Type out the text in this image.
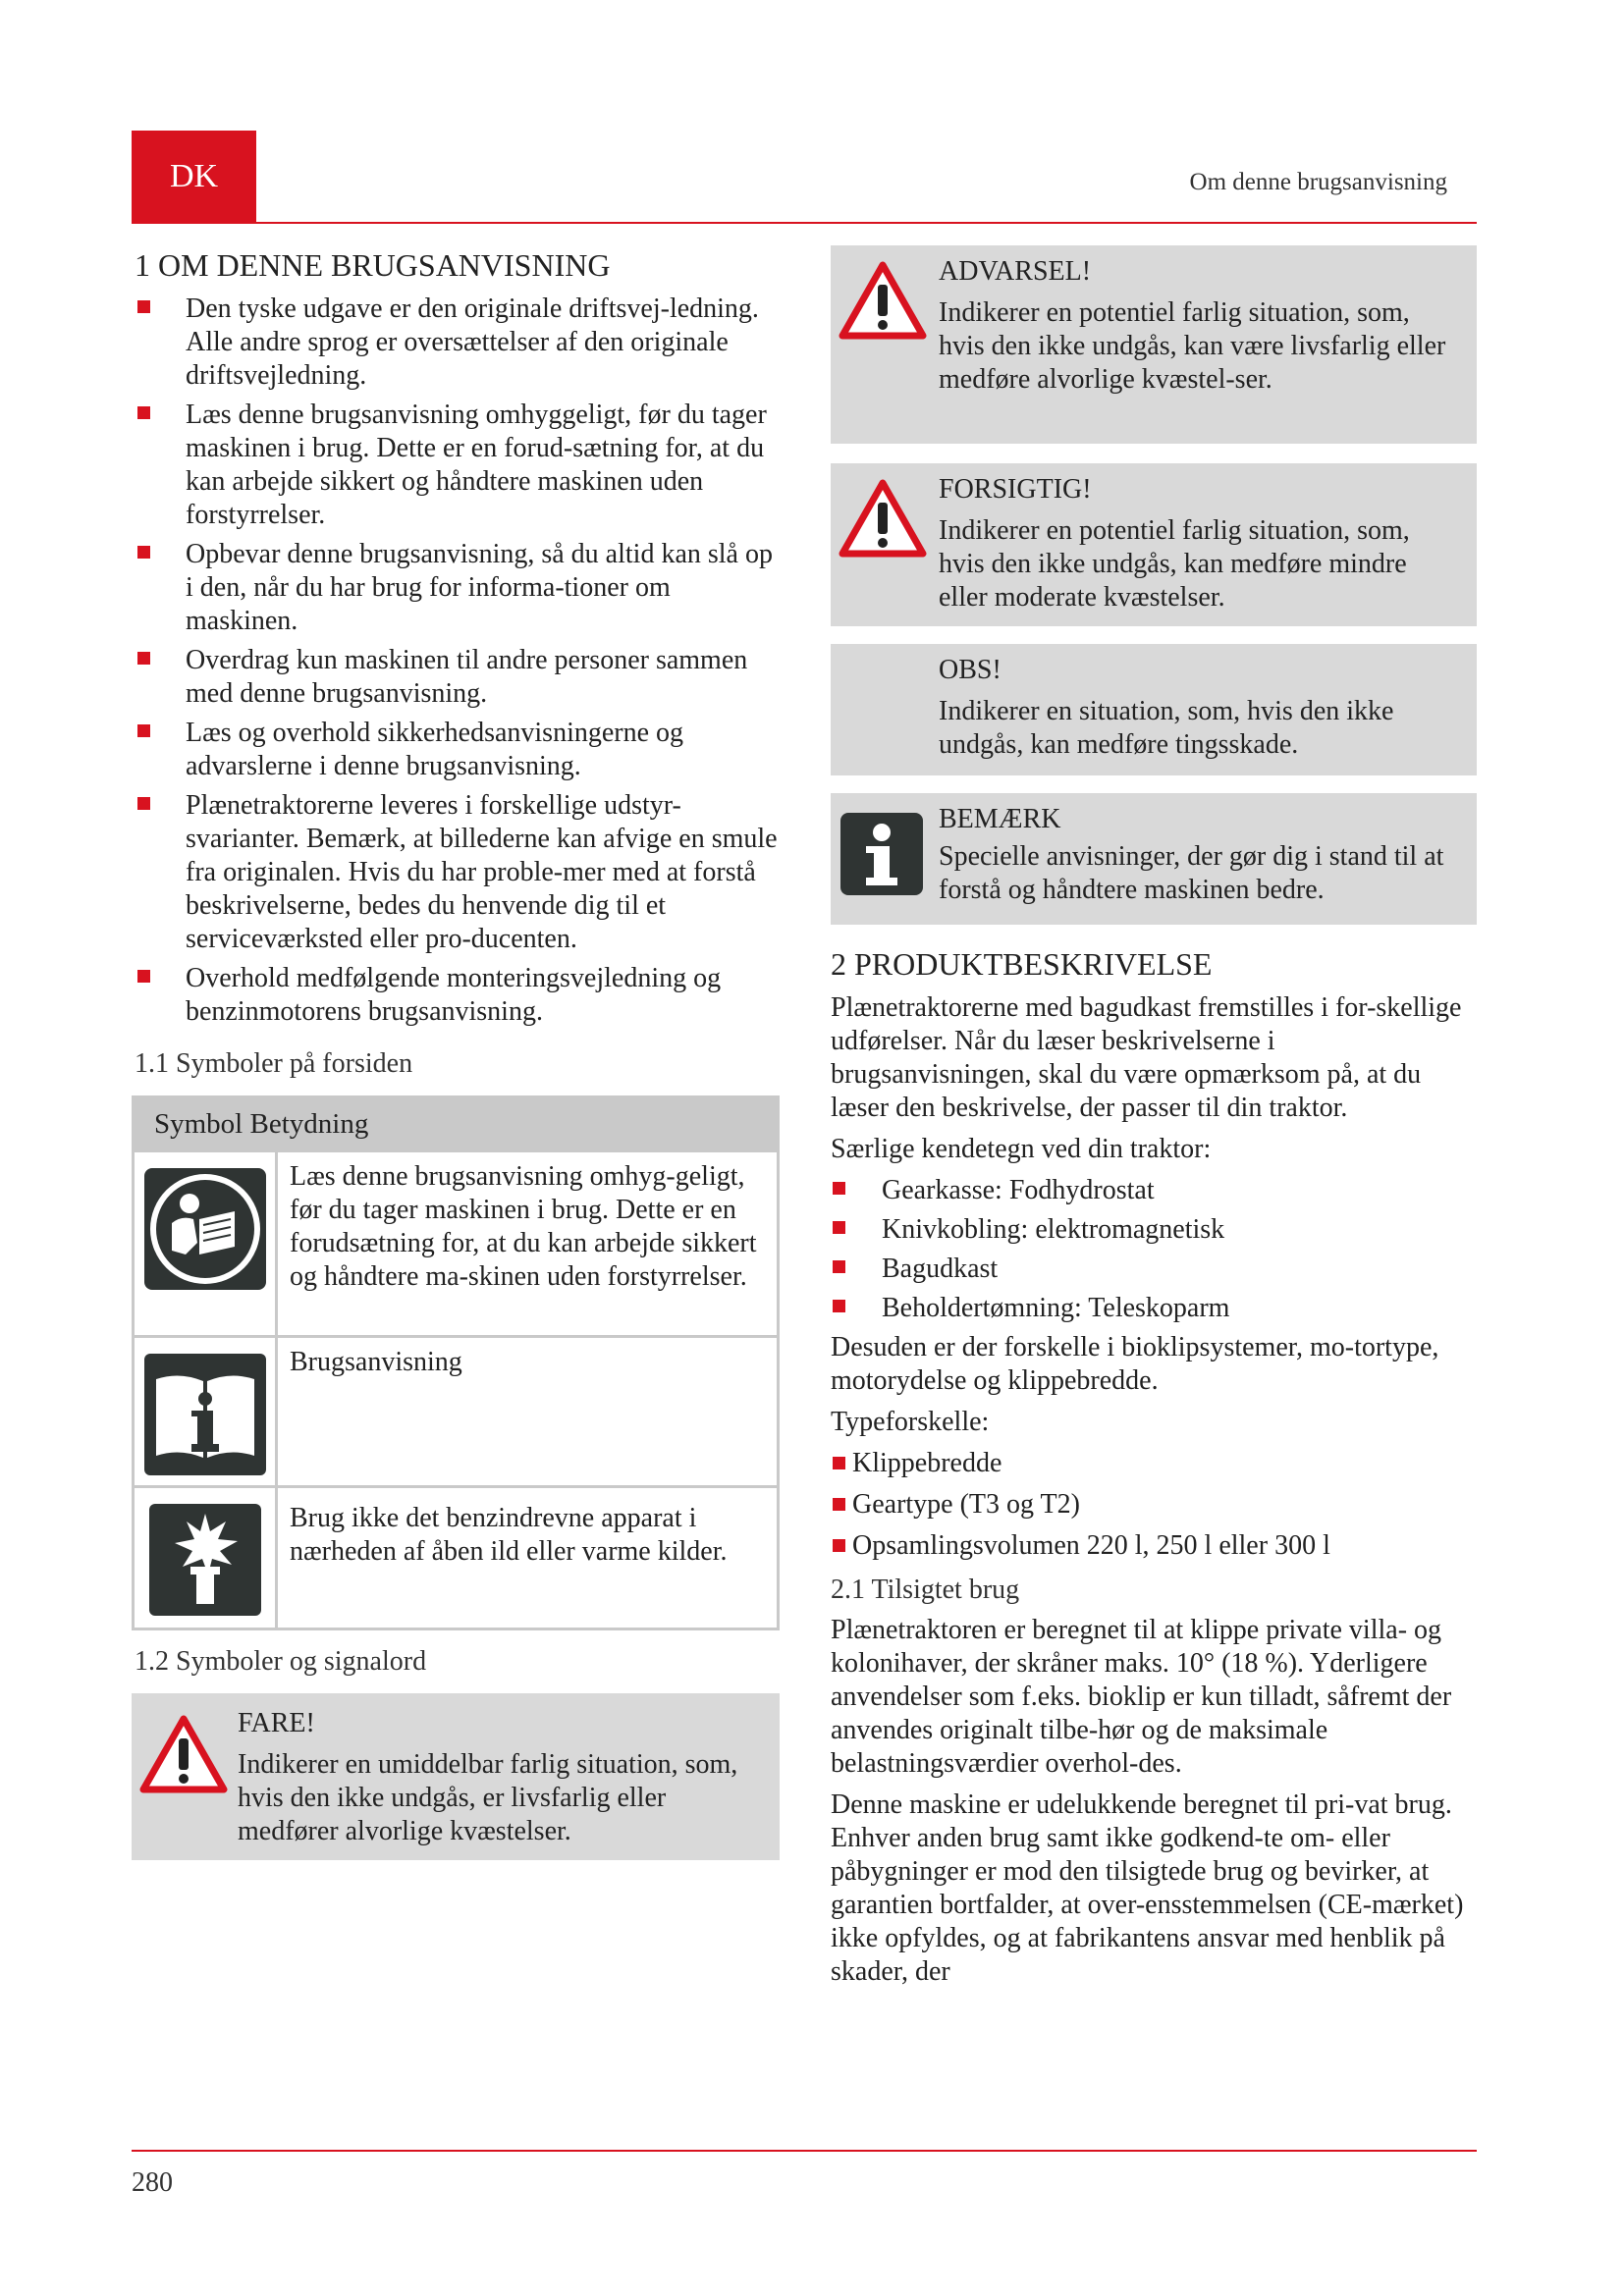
DK	Om denne brugsanvisning
1 OM DENNE BRUGSANVISNING
Den tyske udgave er den originale driftsvej-ledning. Alle andre sprog er oversættelser af den originale driftsvejledning.
Læs denne brugsanvisning omhyggeligt, før du tager maskinen i brug. Dette er en forud-sætning for, at du kan arbejde sikkert og håndtere maskinen uden forstyrrelser.
Opbevar denne brugsanvisning, så du altid kan slå op i den, når du har brug for informa-tioner om maskinen.
Overdrag kun maskinen til andre personer sammen med denne brugsanvisning.
Læs og overhold sikkerhedsanvisningerne og advarslerne i denne brugsanvisning.
Plænetraktorerne leveres i forskellige udstyr-svarianter. Bemærk, at billederne kan afvige en smule fra originalen. Hvis du har proble-mer med at forstå beskrivelserne, bedes du henvende dig til et serviceværksted eller pro-ducenten.
Overhold medfølgende monteringsvejledning og benzinmotorens brugsanvisning.
1.1 Symboler på forsiden
Symbol Betydning
Læs denne brugsanvisning omhyg-geligt, før du tager maskinen i brug. Dette er en forudsætning for, at du kan arbejde sikkert og håndtere ma-skinen uden forstyrrelser.
Brugsanvisning
Brug ikke det benzindrevne apparat i nærheden af åben ild eller varme kilder.
1.2 Symboler og signalord
FARE!
Indikerer en umiddelbar farlig situation, som, hvis den ikke undgås, er livsfarlig eller medfører alvorlige kvæstelser.
ADVARSEL!
Indikerer en potentiel farlig situation, som, hvis den ikke undgås, kan være livsfarlig eller medføre alvorlige kvæstel-ser.
FORSIGTIG!
Indikerer en potentiel farlig situation, som, hvis den ikke undgås, kan medføre mindre eller moderate kvæstelser.
OBS!
Indikerer en situation, som, hvis den ikke undgås, kan medføre tingsskade.
BEMÆRK
Specielle anvisninger, der gør dig i stand til at forstå og håndtere maskinen bedre.
2 PRODUKTBESKRIVELSE

Plænetraktorerne med bagudkast fremstilles i for-skellige udførelser. Når du læser beskrivelserne i brugsanvisningen, skal du være opmærksom på, at du læser den beskrivelse, der passer til din traktor.

Særlige kendetegn ved din traktor:

Gearkasse: Fodhydrostat
Knivkobling: elektromagnetisk
Bagudkast
Beholdertømning: Teleskoparm

Desuden er der forskelle i bioklipsystemer, mo-tortype, motorydelse og klippebredde.

Typeforskelle:

Klippebredde
Geartype (T3 og T2)
Opsamlingsvolumen 220 l, 250 l eller 300 l
2.1 Tilsigtet brug

Plænetraktoren er beregnet til at klippe private villa- og kolonihaver, der skråner maks. 10° (18 %). Yderligere anvendelser som f.eks. bioklip er kun tilladt, såfremt der anvendes originalt tilbe-hør og de maksimale belastningsværdier overhol-des.

Denne maskine er udelukkende beregnet til pri-vat brug. Enhver anden brug samt ikke godkend-te om- eller påbygninger er mod den tilsigtede brug og bevirker, at garantien bortfalder, at over-ensstemmelsen (CE-mærket) ikke opfyldes, og at fabrikantens ansvar med henblik på skader, der

280
